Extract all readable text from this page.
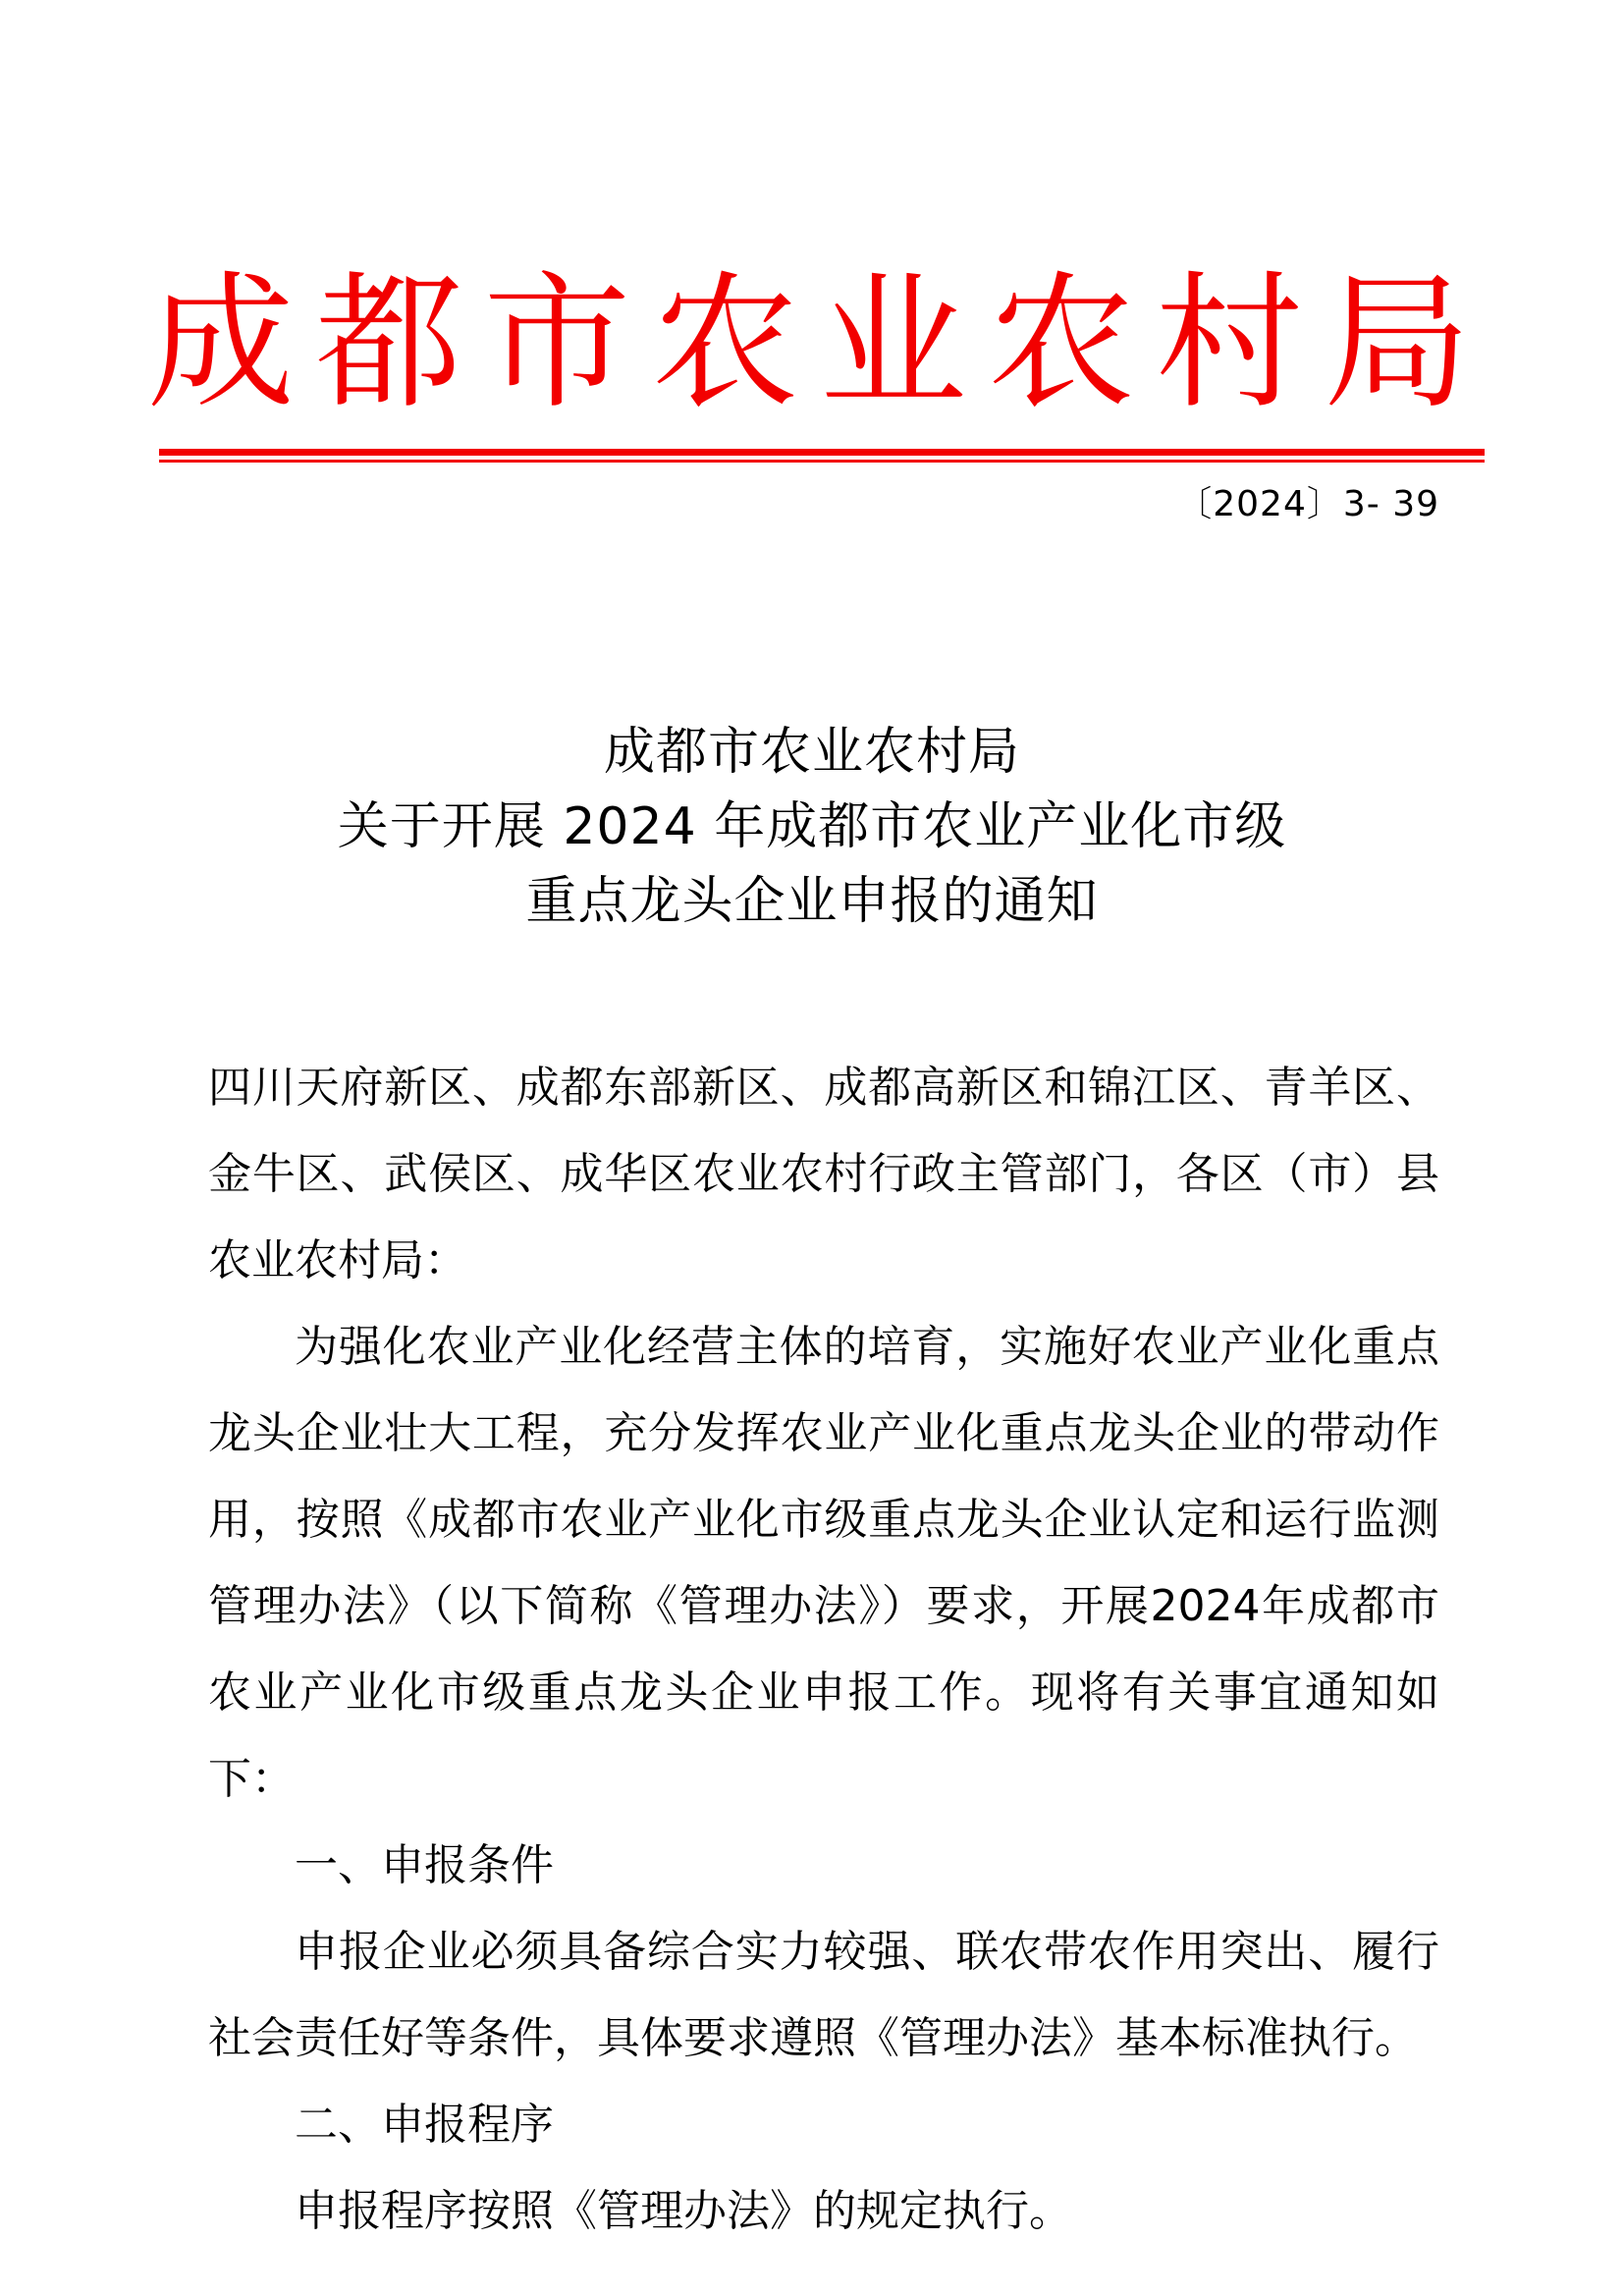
成都市农业农村局
〔2024〕3- 39
成都市农业农村局
关于开展 2024 年成都市农业产业化市级
重点龙头企业申报的通知

四川天府新区、成都东部新区、成都高新区和锦江区、青羊区、金牛区、武侯区、成华区农业农村行政主管部门，各区（市）县农业农村局：

为强化农业产业化经营主体的培育，实施好农业产业化重点龙头企业壮大工程，充分发挥农业产业化重点龙头企业的带动作用，按照《成都市农业产业化市级重点龙头企业认定和运行监测管理办法》（以下简称《管理办法》）要求，开展2024年成都市农业产业化市级重点龙头企业申报工作。现将有关事宜通知如下：

一、申报条件

申报企业必须具备综合实力较强、联农带农作用突出、履行社会责任好等条件，具体要求遵照《管理办法》基本标准执行。

二、申报程序

申报程序按照《管理办法》的规定执行。
